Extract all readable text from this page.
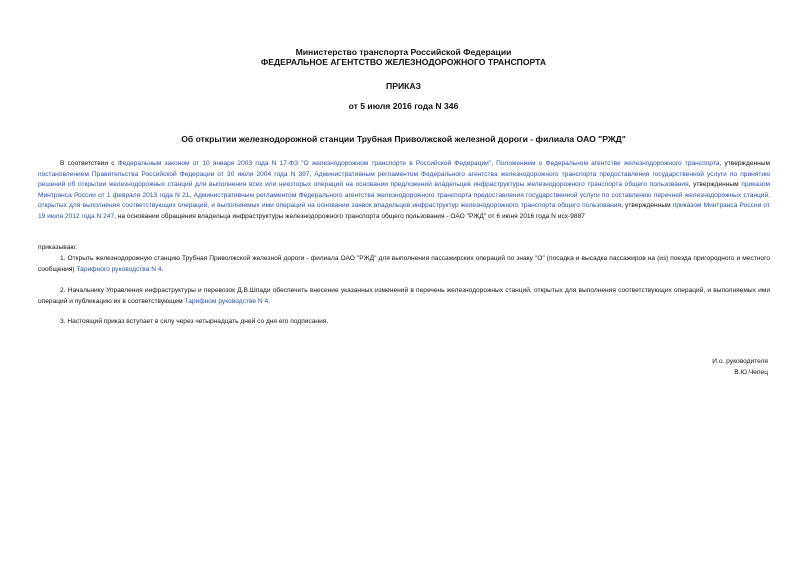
Министерство транспорта Российской Федерации
ФЕДЕРАЛЬНОЕ АГЕНТСТВО ЖЕЛЕЗНОДОРОЖНОГО ТРАНСПОРТА
ПРИКАЗ
от 5 июля 2016 года N 346
Об открытии железнодорожной станции Трубная Приволжской железной дороги - филиала ОАО "РЖД"
В соответствии с Федеральным законом от 10 января 2003 года N 17-ФЗ "О железнодорожном транспорте в Российской Федерации", Положением о Федеральном агентстве железнодорожного транспорта, утвержденным постановлением Правительства Российской Федерации от 30 июля 2004 года N 397, Административным регламентом Федерального агентства железнодорожного транспорта предоставления государственной услуги по принятию решений об открытии железнодорожных станций для выполнения всех или некоторых операций на основании предложений владельцев инфраструктуры железнодорожного транспорта общего пользования, утвержденным приказом Минтранса России от 1 февраля 2013 года N 21, Административным регламентом Федерального агентства железнодорожного транспорта предоставления государственной услуги по составлению перечней железнодорожных станций, открытых для выполнения соответствующих операций, и выполняемых ими операций на основании заявок владельцев инфраструктур железнодорожного транспорта общего пользования, утвержденным приказом Минтранса России от 19 июля 2012 года N 247, на основании обращения владельца инфраструктуры железнодорожного транспорта общего пользования - ОАО "РЖД" от 6 июня 2016 года N исх-9887
приказываю:
1. Открыть железнодорожную станцию Трубная Приволжской железной дороги - филиала ОАО "РЖД" для выполнения пассажирских операций по знаку "О" (посадка и высадка пассажиров на (из) поезда пригородного и местного сообщения) Тарифного руководства N 4.
2. Начальнику Управления инфраструктуры и перевозок Д.В.Шпади обеспечить внесение указанных изменений в перечень железнодорожных станций, открытых для выполнения соответствующих операций, и выполняемых ими операций и публикацию их в соответствующем Тарифном руководстве N 4.
3. Настоящий приказ вступает в силу через четырнадцать дней со дня его подписания.
И.о. руководителя
В.Ю.Чепец
